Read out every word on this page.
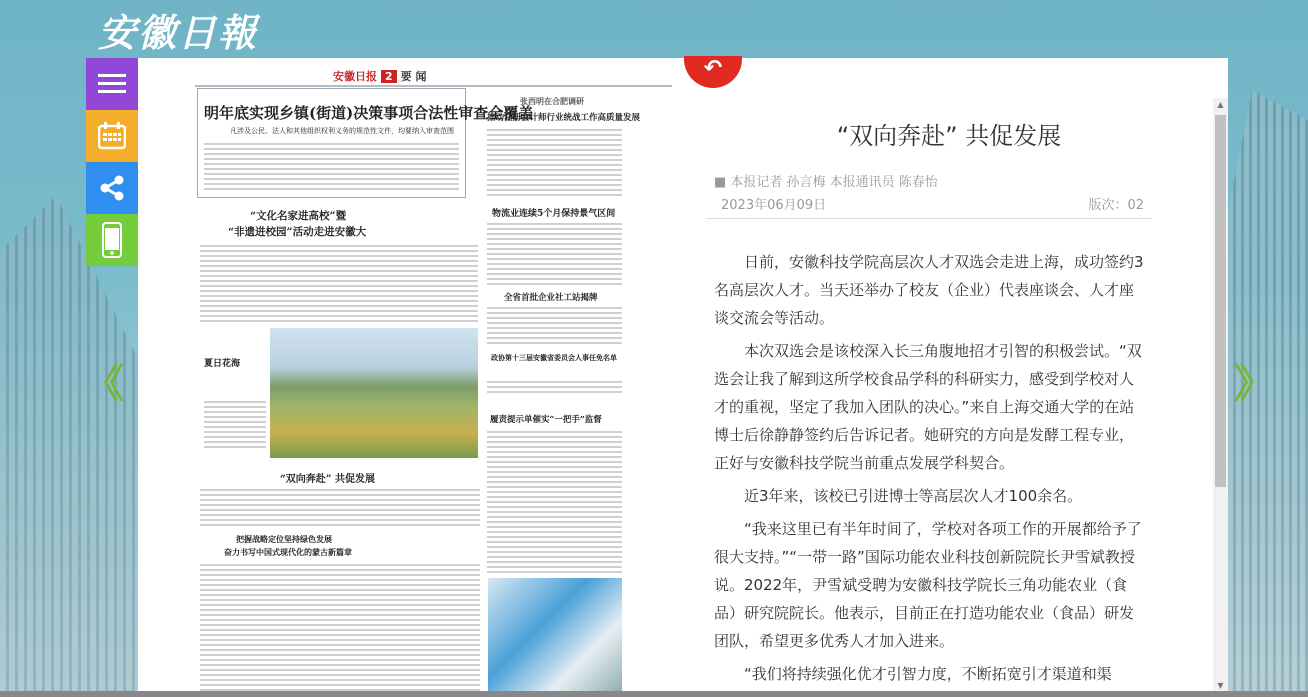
安徽日報
安徽日报 2 要 闻
明年底实现乡镇(街道)决策事项合法性审查全覆盖
凡涉及公民、法人和其他组织权利义务的规范性文件，均要纳入审查范围
张西明在合肥调研
推动注册会计师行业统战工作高质量发展
物流业连续5个月保持景气区间
“文化名家进高校”暨
“非遗进校园”活动走进安徽大
全省首批企业社工站揭牌
政协第十三届安徽省委员会人事任免名单
夏日花海
履责提示单催实“一把手”监督
“双向奔赴” 共促发展
把握战略定位坚持绿色发展
奋力书写中国式现代化的蒙古新篇章
“双向奔赴” 共促发展
■ 本报记者 孙言梅 本报通讯员 陈春怡
2023年06月09日	版次：02

日前，安徽科技学院高层次人才双选会走进上海，成功签约3名高层次人才。当天还举办了校友（企业）代表座谈会、人才座谈交流会等活动。

本次双选会是该校深入长三角腹地招才引智的积极尝试。“双选会让我了解到这所学校食品学科的科研实力，感受到学校对人才的重视，坚定了我加入团队的决心。”来自上海交通大学的在站博士后徐静静签约后告诉记者。她研究的方向是发酵工程专业，正好与安徽科技学院当前重点发展学科契合。

近3年来，该校已引进博士等高层次人才100余名。

“我来这里已有半年时间了，学校对各项工作的开展都给予了很大支持。”“一带一路”国际功能农业科技创新院院长尹雪斌教授说。2022年，尹雪斌受聘为安徽科技学院长三角功能农业（食品）研究院院长。他表示，目前正在打造功能农业（食品）研发团队，希望更多优秀人才加入进来。

“我们将持续强化优才引智力度，不断拓宽引才渠道和渠

↶
▲
▼
《	》
